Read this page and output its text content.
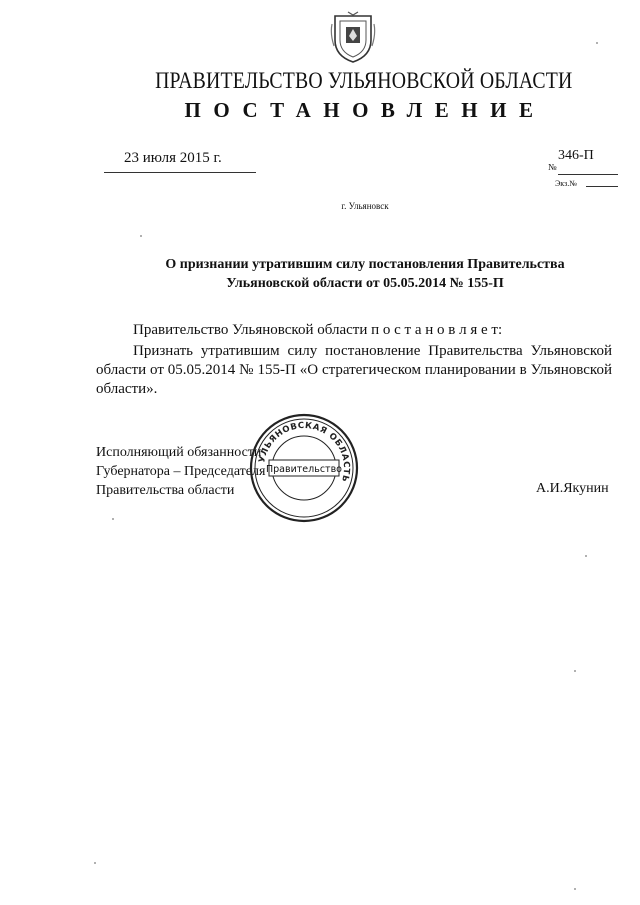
ПРАВИТЕЛЬСТВО УЛЬЯНОВСКОЙ ОБЛАСТИ
ПОСТАНОВЛЕНИЕ
23 июля 2015 г.
№
346-П
Экз.№
г. Ульяновск
О признании утратившим силу постановления Правительства
Ульяновской области от 05.05.2014 № 155-П
Правительство Ульяновской области п о с т а н о в л я е т:
Признать утратившим силу постановление Правительства Ульяновской области от 05.05.2014 № 155-П «О стратегическом планировании в Ульяновской области».
Исполняющий обязанности
Губернатора – Председателя
Правительства области	А.И.Якунин
УЛЬЯНОВСКАЯ ОБЛАСТЬ
Правительство
